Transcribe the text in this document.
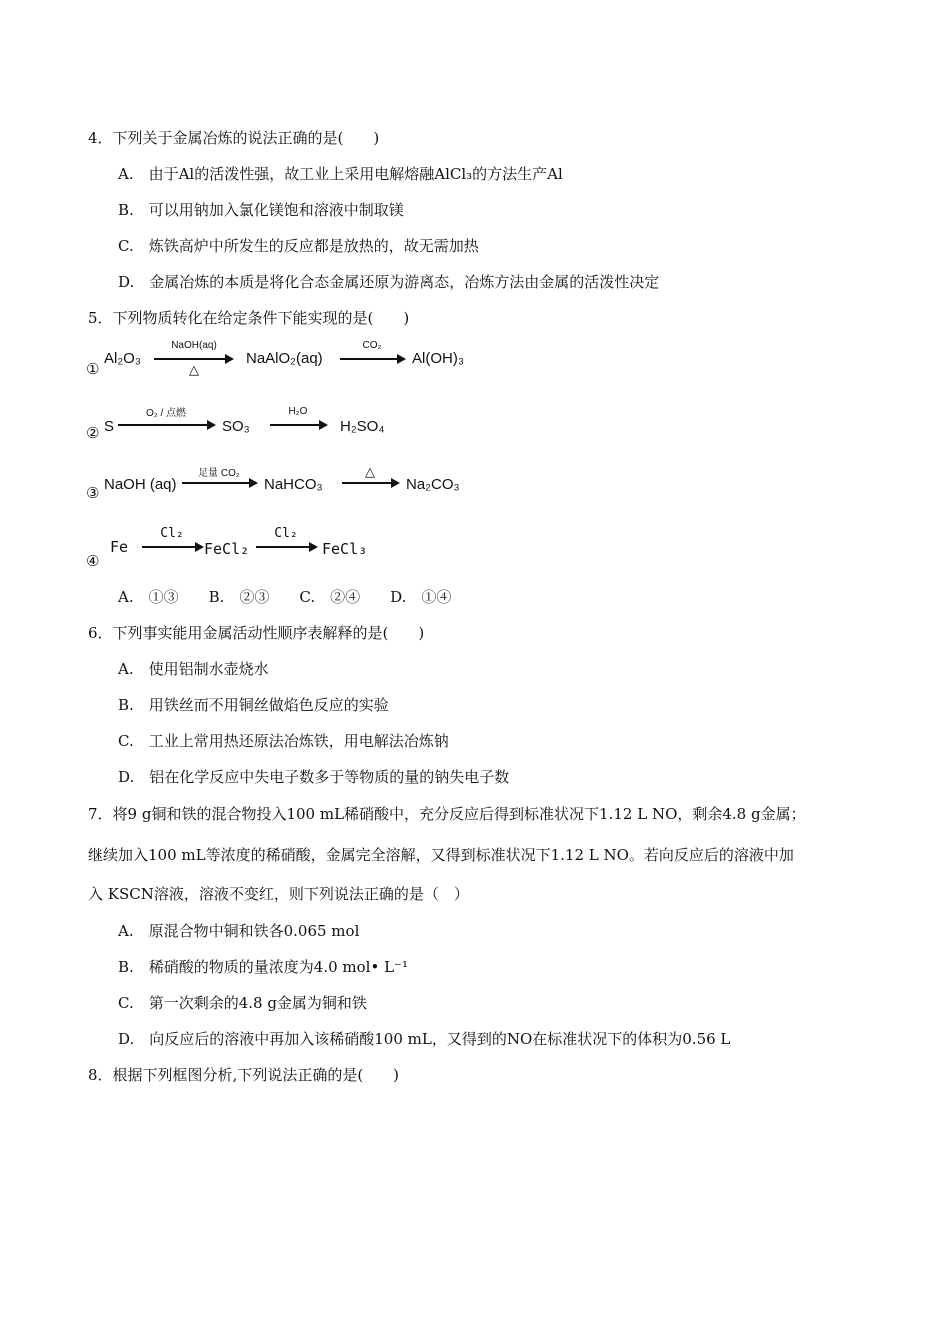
4．下列关于金属冶炼的说法正确的是(　　)
A.　由于Al的活泼性强，故工业上采用电解熔融AlCl₃的方法生产Al
B.　可以用钠加入氯化镁饱和溶液中制取镁
C.　炼铁高炉中所发生的反应都是放热的，故无需加热
D.　金属冶炼的本质是将化合态金属还原为游离态，冶炼方法由金属的活泼性决定
5．下列物质转化在给定条件下能实现的是(　　)
①
Al₂O₃
NaOH(aq)
△
NaAlO₂(aq)
CO₂
→ Al(OH)₃
② S
O₂ / 点燃
SO₃
H₂O
→ H₂SO₄
③ NaOH (aq)
足量 CO₂
NaHCO₃
△
→ Na₂CO₃
④
Fe
Cl₂
→ FeCl₂
Cl₂
→ FeCl₃
A.　①③　　B.　②③　　C.　②④　　D.　①④
6．下列事实能用金属活动性顺序表解释的是(　　)
A.　使用铝制水壶烧水
B.　用铁丝而不用铜丝做焰色反应的实验
C.　工业上常用热还原法冶炼铁，用电解法冶炼钠
D.　铝在化学反应中失电子数多于等物质的量的钠失电子数
7．将9 g铜和铁的混合物投入100 mL稀硝酸中，充分反应后得到标准状况下1.12 L NO，剩余4.8 g金属；
继续加入100 mL等浓度的稀硝酸，金属完全溶解，又得到标准状况下1.12 L NO。若向反应后的溶液中加
入 KSCN溶液，溶液不变红，则下列说法正确的是（　）
A.　原混合物中铜和铁各0.065 mol
B.　稀硝酸的物质的量浓度为4.0 mol• L⁻¹
C.　第一次剩余的4.8 g金属为铜和铁
D.　向反应后的溶液中再加入该稀硝酸100 mL，又得到的NO在标准状况下的体积为0.56 L
8．根据下列框图分析,下列说法正确的是(　　)
